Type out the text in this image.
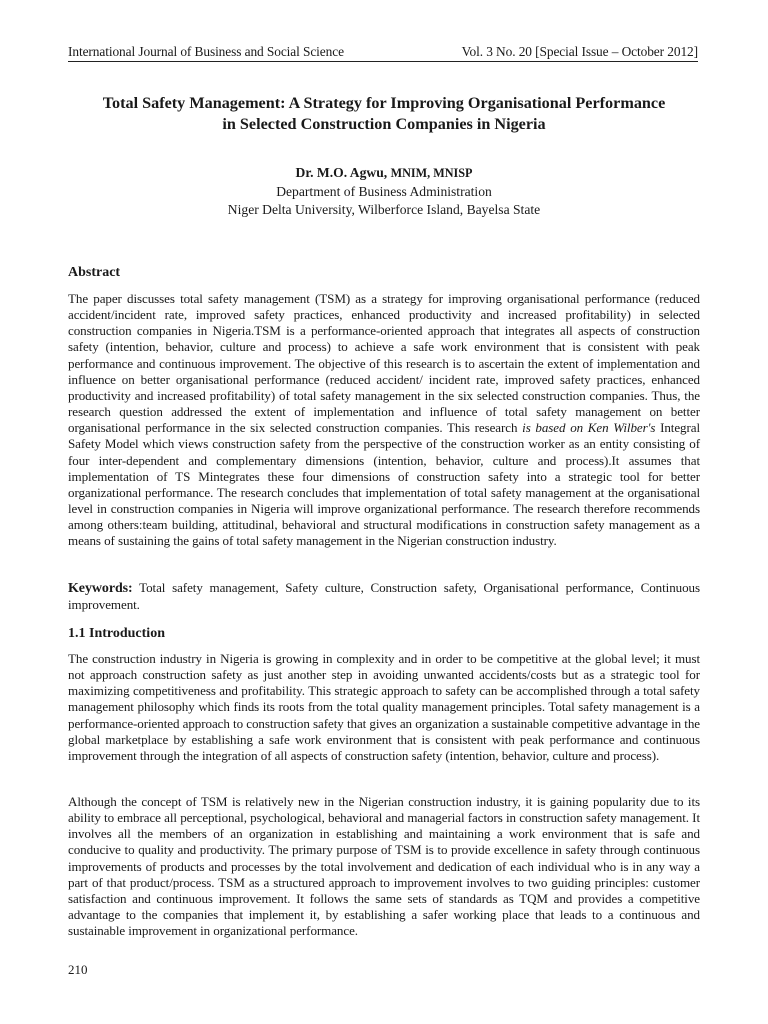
International Journal of Business and Social Science	Vol. 3 No. 20 [Special Issue – October 2012]
Total Safety Management: A Strategy for Improving Organisational Performance
in Selected Construction Companies in Nigeria
Dr. M.O. Agwu, MNIM, MNISP
Department of Business Administration
Niger Delta University, Wilberforce Island, Bayelsa State
Abstract

The paper discusses total safety management (TSM) as a strategy for improving organisational performance (reduced accident/incident rate, improved safety practices, enhanced productivity and increased profitability) in selected construction companies in Nigeria.TSM is a performance-oriented approach that integrates all aspects of construction safety (intention, behavior, culture and process) to achieve a safe work environment that is consistent with peak performance and continuous improvement. The objective of this research is to ascertain the extent of implementation and influence on better organisational performance (reduced accident/ incident rate, improved safety practices, enhanced productivity and increased profitability) of total safety management in the six selected construction companies. Thus, the research question addressed the extent of implementation and influence of total safety management on better organisational performance in the six selected construction companies. This research is based on Ken Wilber's Integral Safety Model which views construction safety from the perspective of the construction worker as an entity consisting of four inter-dependent and complementary dimensions (intention, behavior, culture and process).It assumes that implementation of TS Mintegrates these four dimensions of construction safety into a strategic tool for better organizational performance. The research concludes that implementation of total safety management at the organisational level in construction companies in Nigeria will improve organizational performance. The research therefore recommends among others:team building, attitudinal, behavioral and structural modifications in construction safety management as a means of sustaining the gains of total safety management in the Nigerian construction industry.

Keywords: Total safety management, Safety culture, Construction safety, Organisational performance, Continuous improvement.

1.1 Introduction

The construction industry in Nigeria is growing in complexity and in order to be competitive at the global level; it must not approach construction safety as just another step in avoiding unwanted accidents/costs but as a strategic tool for maximizing competitiveness and profitability. This strategic approach to safety can be accomplished through a total safety management philosophy which finds its roots from the total quality management principles. Total safety management is a performance-oriented approach to construction safety that gives an organization a sustainable competitive advantage in the global marketplace by establishing a safe work environment that is consistent with peak performance and continuous improvement through the integration of all aspects of construction safety (intention, behavior, culture and process).

Although the concept of TSM is relatively new in the Nigerian construction industry, it is gaining popularity due to its ability to embrace all perceptional, psychological, behavioral and managerial factors in construction safety management. It involves all the members of an organization in establishing and maintaining a work environment that is safe and conducive to quality and productivity. The primary purpose of TSM is to provide excellence in safety through continuous improvements of products and processes by the total involvement and dedication of each individual who is in any way a part of that product/process. TSM as a structured approach to improvement involves to two guiding principles: customer satisfaction and continuous improvement. It follows the same sets of standards as TQM and provides a competitive advantage to the companies that implement it, by establishing a safer working place that leads to a continuous and sustainable improvement in organizational performance.

210
